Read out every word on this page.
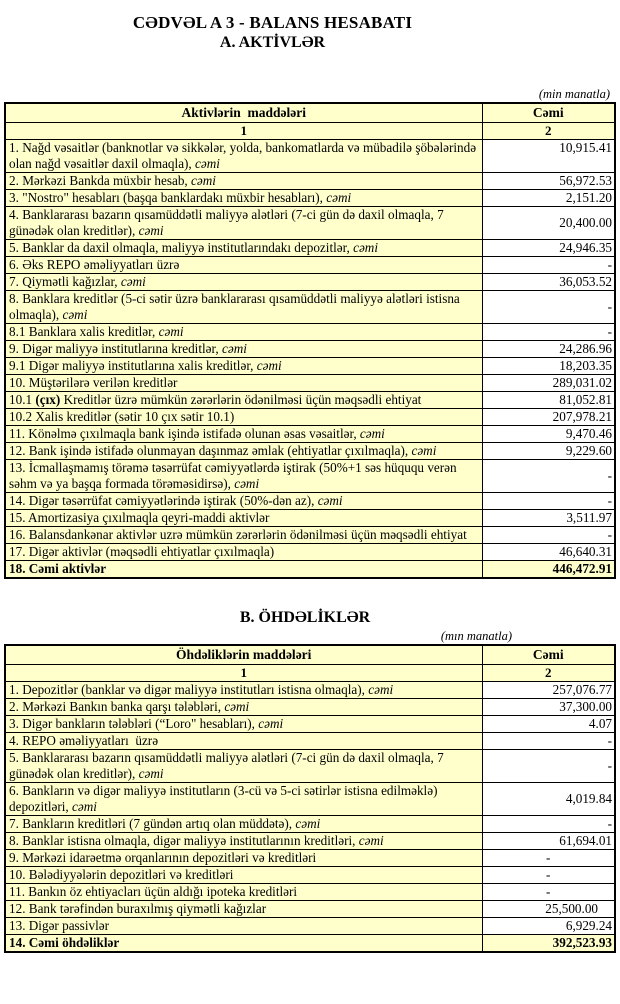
CƏDVƏL A 3 - BALANS HESABATI
A. AKTİVLƏR
(min manatla)
Aktivlərin  maddələri	Cəmi
1	2
1. Nağd vəsaitlər (banknotlar və sikkələr, yolda, bankomatlarda və mübadilə şöbələrində olan nağd vəsaitlər daxil olmaqla), cəmi	10,915.41
2. Mərkəzi Bankda müxbir hesab, cəmi	56,972.53
3. "Nostro" hesabları (başqa banklardakı müxbir hesabları), cəmi	2,151.20
4. Banklararası bazarın qısamüddətli maliyyə alətləri (7-ci gün də daxil olmaqla, 7 günədək olan kreditlər), cəmi	20,400.00
5. Banklar da daxil olmaqla, maliyyə institutlarındakı depozitlər, cəmi	24,946.35
6. Əks REPO əməliyyatları üzrə	-
7. Qiymətli kağızlar, cəmi	36,053.52
8. Banklara kreditlər (5-ci sətir üzrə banklararası qısamüddətli maliyyə alətləri istisna olmaqla), cəmi	-
8.1 Banklara xalis kreditlər, cəmi	-
9. Digər maliyyə institutlarına kreditlər, cəmi	24,286.96
9.1 Digər maliyyə institutlarına xalis kreditlər, cəmi	18,203.35
10. Müştərilərə verilən kreditlər	289,031.02
10.1 (çıx) Kreditlər üzrə mümkün zərərlərin ödənilməsi üçün məqsədli ehtiyat	81,052.81
10.2 Xalis kreditlər (sətir 10 çıx sətir 10.1)	207,978.21
11. Könəlmə çıxılmaqla bank işində istifadə olunan əsas vəsaitlər, cəmi	9,470.46
12. Bank işində istifadə olunmayan daşınmaz əmlak (ehtiyatlar çıxılmaqla), cəmi	9,229.60
13. İcmallaşmamış törəmə təsərrüfat cəmiyyətlərdə iştirak (50%+1 səs hüququ verən səhm və ya başqa formada törəməsidirsə), cəmi	-
14. Digər təsərrüfat cəmiyyətlərində iştirak (50%-dən az), cəmi	-
15. Amortizasiya çıxılmaqla qeyri-maddi aktivlər	3,511.97
16. Balansdankənar aktivlər uzrə mümkün zərərlərin ödənilməsi üçün məqsədli ehtiyat	-
17. Digər aktivlər (məqsədli ehtiyatlar çıxılmaqla)	46,640.31
18. Cəmi aktivlər	446,472.91
B. ÖHDƏLİKLƏR
(mın manatla)
Öhdəliklərin maddələri	Cəmi
1	2
1. Depozitlər (banklar və digər maliyyə institutları istisna olmaqla), cəmi	257,076.77
2. Mərkəzi Bankın banka qarşı tələbləri, cəmi	37,300.00
3. Digər bankların tələbləri (“Loro" hesabları), cəmi	4.07
4. REPO əməliyyatları  üzrə	-
5. Banklararası bazarın qısamüddətli maliyyə alətləri (7-ci gün də daxil olmaqla, 7 günədək olan kreditlər), cəmi	-
6. Bankların və digər maliyyə institutların (3-cü və 5-ci sətirlər istisna edilməklə) depozitləri, cəmi	4,019.84
7. Bankların kreditləri (7 gündən artıq olan müddətə), cəmi	-
8. Banklar istisna olmaqla, digər maliyyə institutlarının kreditləri, cəmi	61,694.01
9. Mərkəzi idarəetmə orqanlarının depozitləri və kreditləri	-
10. Bələdiyyələrin depozitləri və kreditləri	-
11. Bankın öz ehtiyacları üçün aldığı ipoteka kreditləri	-
12. Bank tərəfindən buraxılmış qiymətli kağızlar	25,500.00
13. Digər passivlər	6,929.24
14. Cəmi öhdəliklər	392,523.93
